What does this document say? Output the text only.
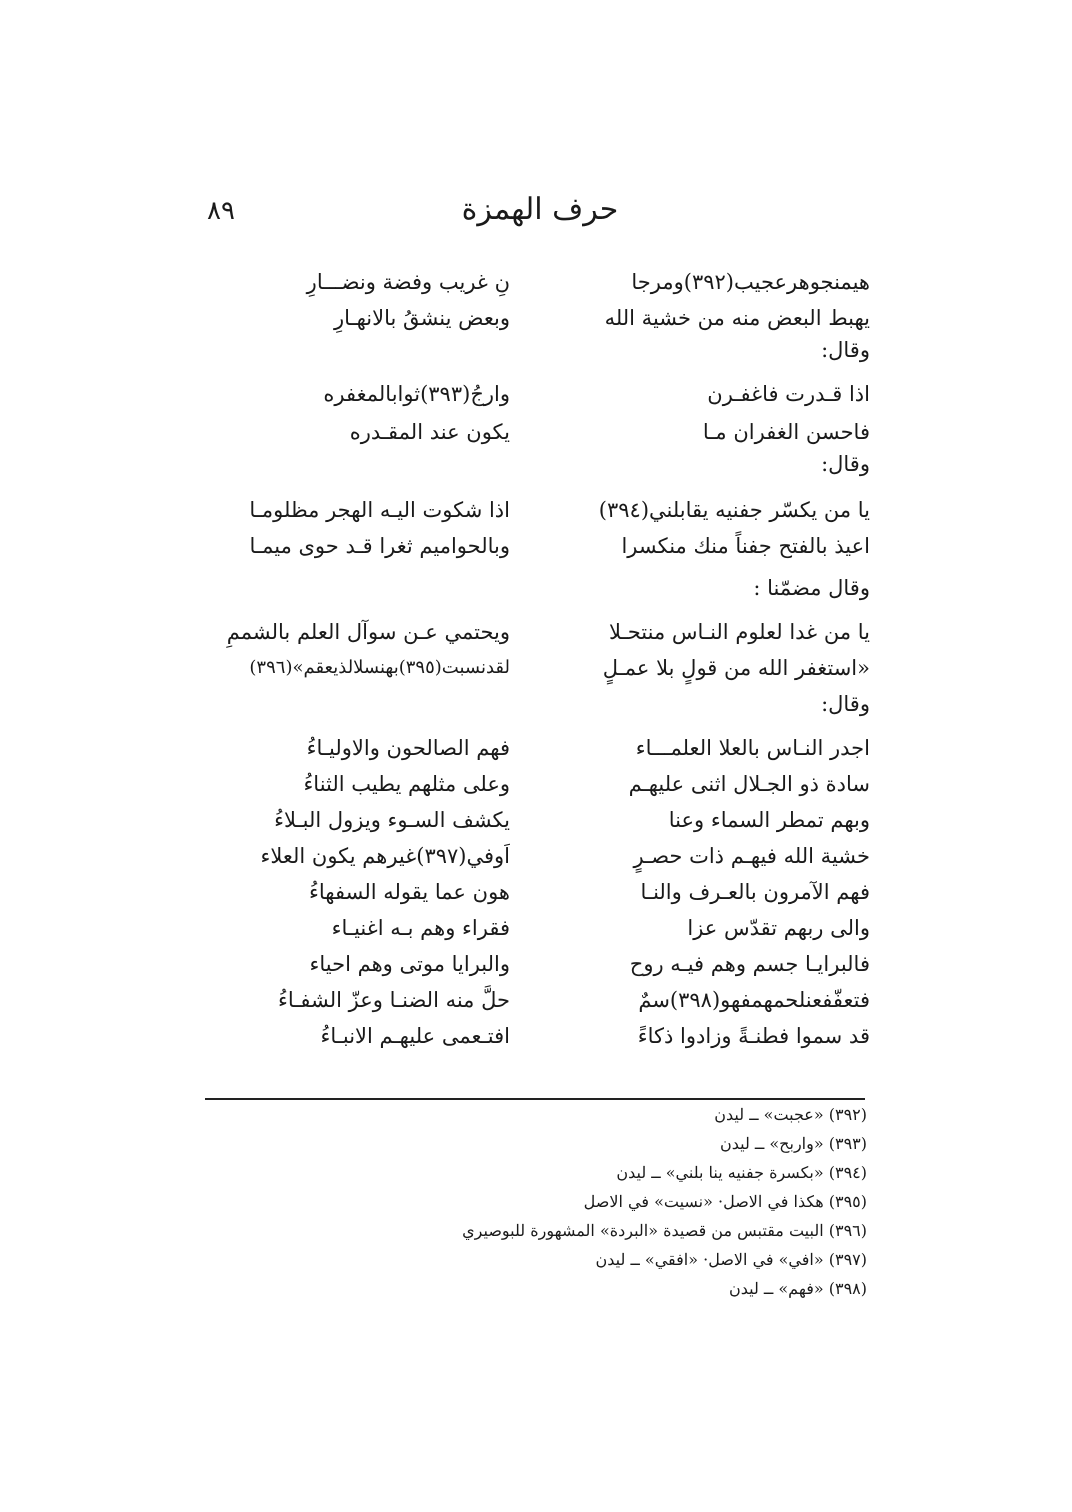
٨٩	حرف الهمزة
هيمنجوهرعجيب(٣٩٢)ومرجا
نِ غريب وفضة ونضـــارِ
يهبط البعض منه من خشية الله
وبعض ينشقُ بالانهـارِ
وقال:
اذا قـدرت فاغفـرن
وارجُ(٣٩٣)ثوابالمغفره
فاحسن الغفران مـا
يكون عند المقـدره
وقال:
يا من يكسّر جفنيه يقابلني(٣٩٤)
اذا شكوت اليـه الهجر مظلومـا
اعيذ بالفتح جفناً منك منكسرا
وبالحواميم ثغرا قـد حوى ميمـا
وقال مضمّنا :
يا من غدا لعلوم النـاس منتحـلا
ويحتمي عـن سوآل العلم بالشممِ
«استغفر الله من قولٍ بلا عمـلٍ
لقدنسبت(٣٩٥)بهنسلالذيعقم»(٣٩٦)
وقال:
اجدر النـاس بالعلا العلمـــاء
فهم الصالحون والاوليـاءُ
سادة ذو الجـلال اثنى عليهـم
وعلى مثلهم يطيب الثناءُ
وبهم تمطر السماء وعنا
يكشف السـوء ويزول البـلاءُ
خشية الله فيهـم ذات حصـرٍ
اَوفي(٣٩٧)غيرهم يكون العلاء
فهم الآمرون بالعـرف والنـا
هون عما يقوله السفهاءُ
والى ربهم تقدّس عزا
فقراء وهم بـه اغنيـاء
فالبرايـا جسم وهم فيـه روح
والبرايا موتى وهم احياء
فتعفّفعنلحمهمفهو(٣٩٨)سمٌ
حلَّ منه الضنـا وعزّ الشفـاءُ
قد سموا فطنـةً وزادوا ذكاءً
افتـعمى عليهـم الانبـاءُ
(٣٩٢) «عجبت» ــ ليدن
(٣٩٣) «واربح» ــ ليدن
(٣٩٤) «بكسرة جفنيه ينا بلني» ــ ليدن
(٣٩٥) هكذا في الاصل· «نسيت» في الاصل
(٣٩٦) البيت مقتبس من قصيدة «البردة» المشهورة للبوصيري
(٣٩٧) «افي» في الاصل· «افقي» ــ ليدن
(٣٩٨) «فهم» ــ ليدن
